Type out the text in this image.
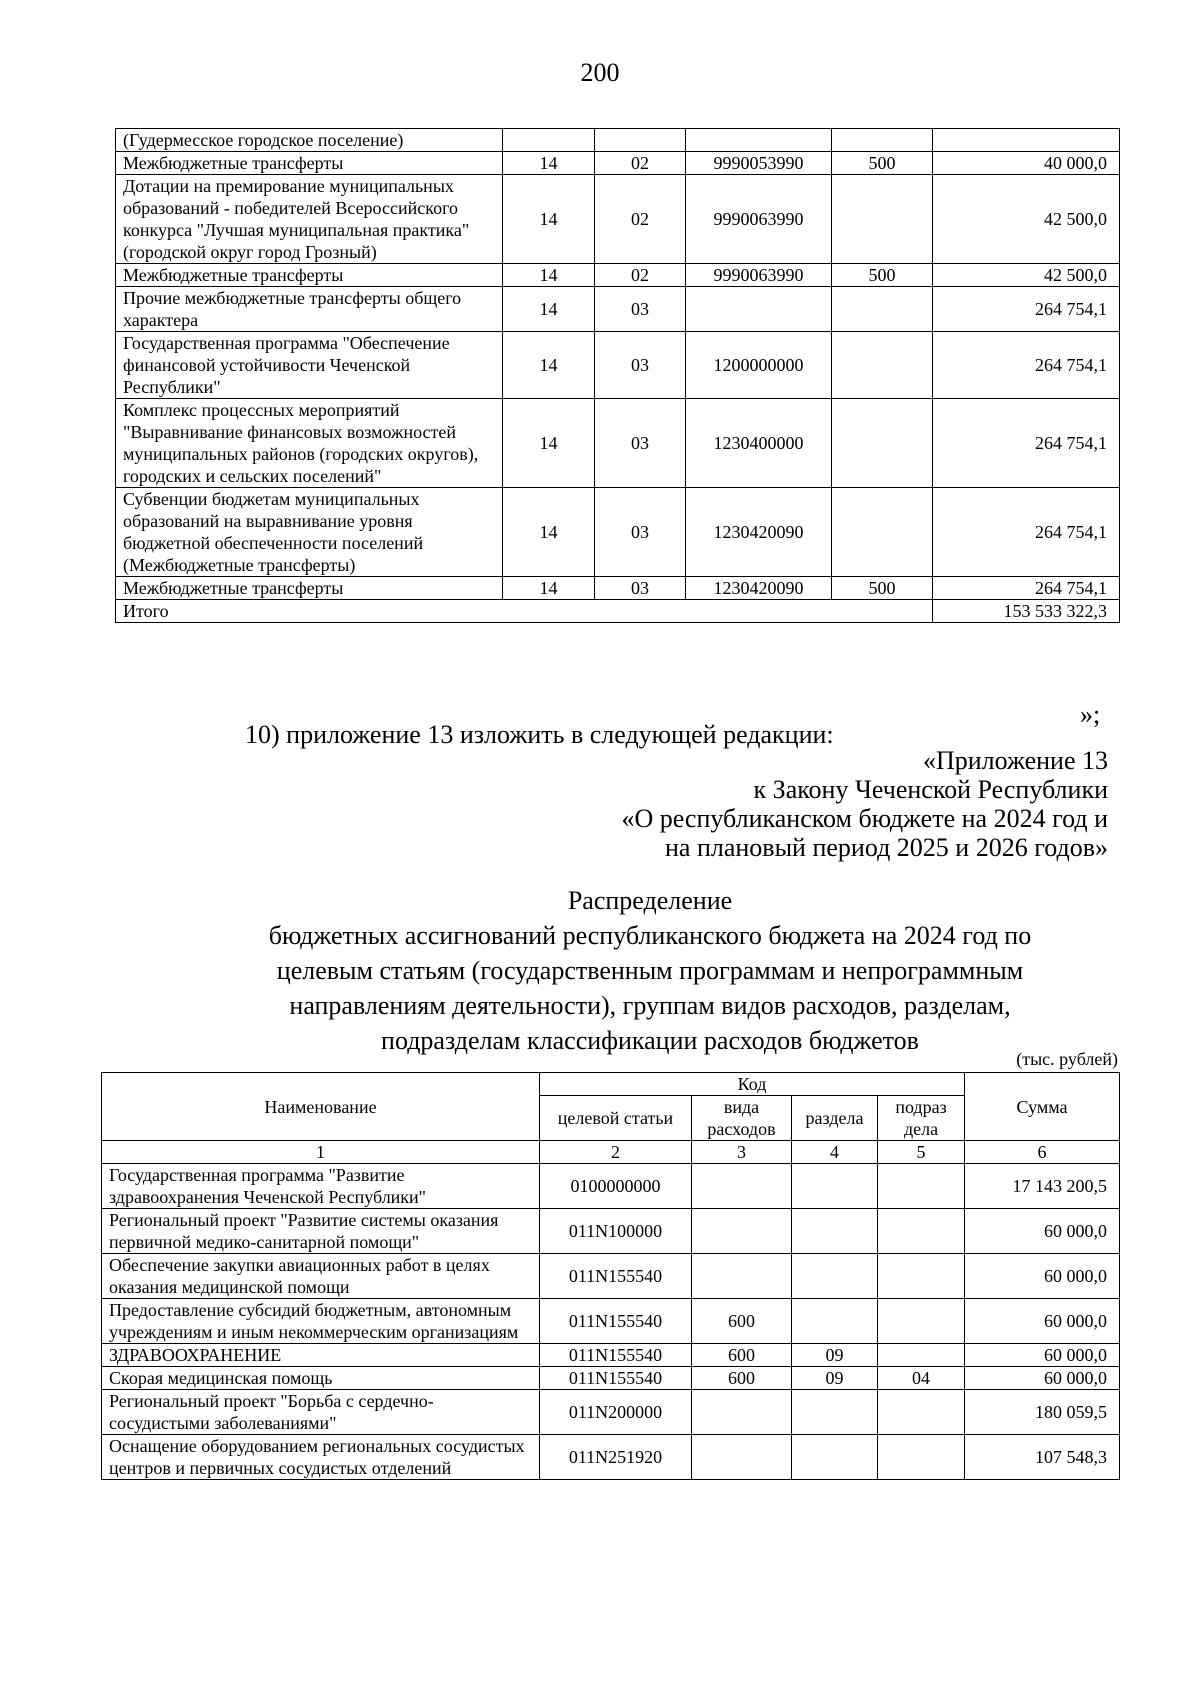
200
(Гудермесское городское поселение)					
Межбюджетные трансферты	14	02	9990053990	500	40 000,0
Дотации на премирование муниципальных образований - победителей Всероссийского конкурса "Лучшая муниципальная практика" (городской округ город Грозный)	14	02	9990063990		42 500,0
Межбюджетные трансферты	14	02	9990063990	500	42 500,0
Прочие межбюджетные трансферты общего характера	14	03			264 754,1
Государственная программа "Обеспечение финансовой устойчивости Чеченской Республики"	14	03	1200000000		264 754,1
Комплекс процессных мероприятий "Выравнивание финансовых возможностей муниципальных районов (городских округов), городских и сельских поселений"	14	03	1230400000		264 754,1
Субвенции бюджетам муниципальных образований на выравнивание уровня бюджетной обеспеченности поселений (Межбюджетные трансферты)	14	03	1230420090		264 754,1
Межбюджетные трансферты	14	03	1230420090	500	264 754,1
Итого					153 533 322,3
»;
10) приложение 13 изложить в следующей редакции:
«Приложение 13
к Закону Чеченской Республики
«О республиканском бюджете на 2024 год и
на плановый период 2025 и 2026 годов»
Распределение
бюджетных ассигнований республиканского бюджета на 2024 год по
целевым статьям (государственным программам и непрограммным
направлениям деятельности), группам видов расходов, разделам,
подразделам классификации расходов бюджетов
(тыс. рублей)
Наименование	Код				Сумма
	целевой статьи	вида расходов	раздела	подраз дела	
1	2	3	4	5	6
Государственная программа "Развитие здравоохранения Чеченской Республики"	0100000000				17 143 200,5
Региональный проект "Развитие системы оказания первичной медико-санитарной помощи"	011N100000				60 000,0
Обеспечение закупки авиационных работ в целях оказания медицинской помощи	011N155540				60 000,0
Предоставление субсидий бюджетным, автономным учреждениям и иным некоммерческим организациям	011N155540	600			60 000,0
ЗДРАВООХРАНЕНИЕ	011N155540	600	09		60 000,0
Скорая медицинская помощь	011N155540	600	09	04	60 000,0
Региональный проект "Борьба с сердечно-сосудистыми заболеваниями"	011N200000				180 059,5
Оснащение оборудованием региональных сосудистых центров и первичных сосудистых отделений	011N251920				107 548,3
